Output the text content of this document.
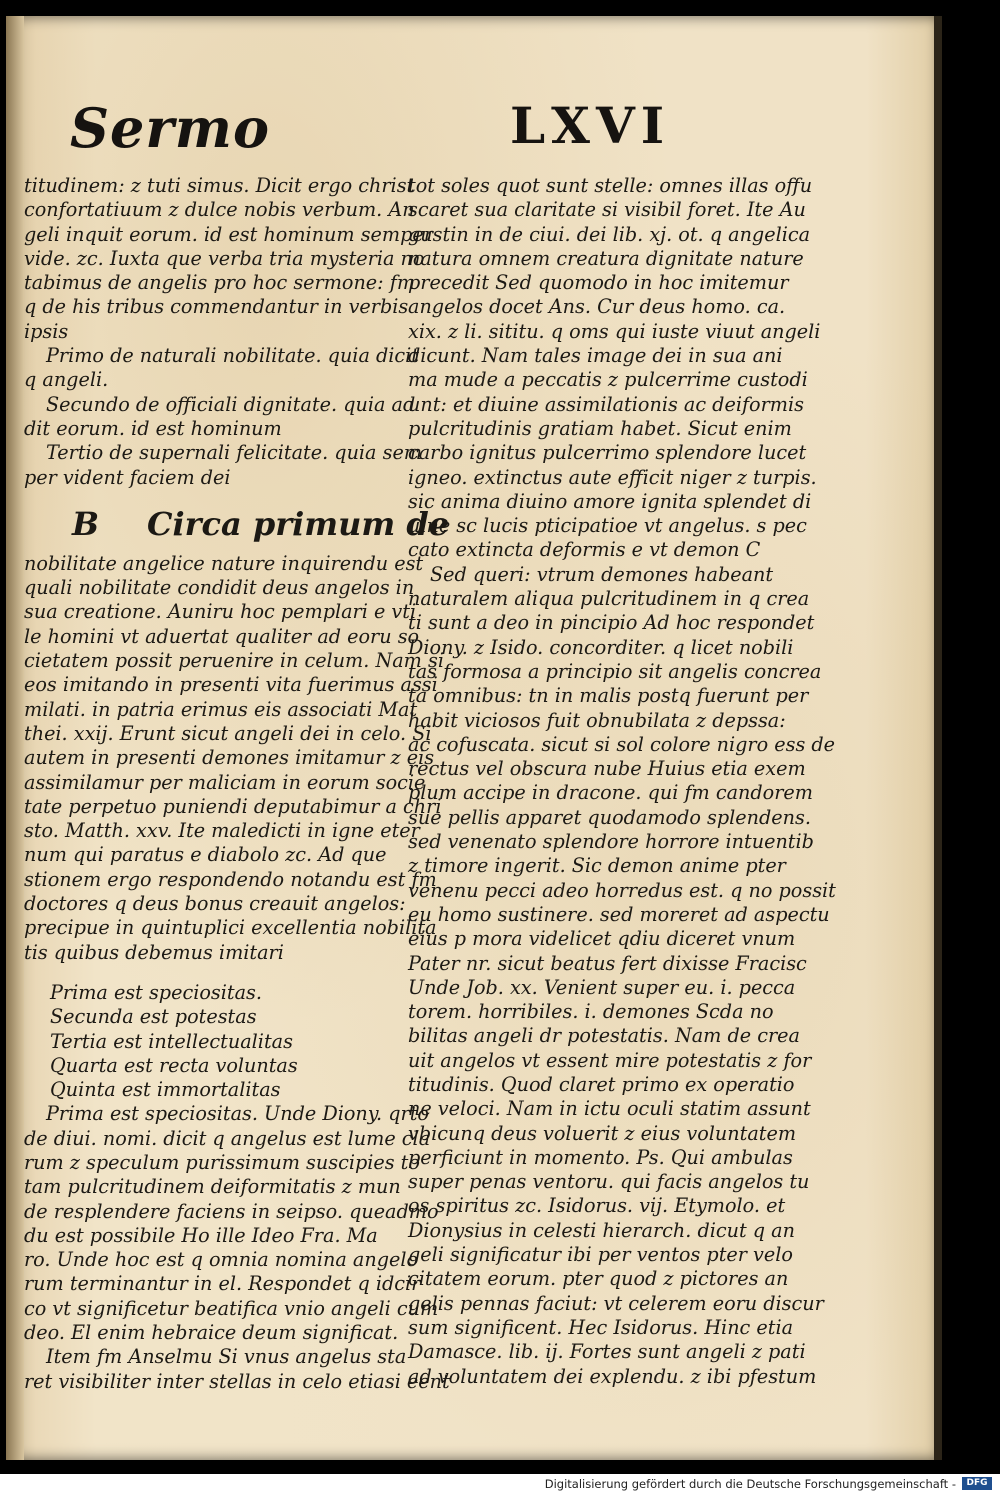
Sermo	LXVI
titudinem: z tuti simus. Dicit ergo christ
confortatiuum z dulce nobis verbum. An
geli inquit eorum. id est hominum semper
vide. zc. Iuxta que verba tria mysteria no
tabimus de angelis pro hoc sermone: fm
q de his tribus commendantur in verbis
ipsis
Primo de naturali nobilitate. quia dicit
q angeli.
Secundo de officiali dignitate. quia ad
dit eorum. id est hominum
Tertio de supernali felicitate. quia sem
per vident faciem dei
B Circa primum de
nobilitate angelice nature inquirendu est
quali nobilitate condidit deus angelos in
sua creatione. Auniru hoc pemplari e vti
le homini vt aduertat qualiter ad eoru so
cietatem possit peruenire in celum. Nam si
eos imitando in presenti vita fuerimus assi
milati. in patria erimus eis associati Mat
thei. xxij. Erunt sicut angeli dei in celo. Si
autem in presenti demones imitamur z eis
assimilamur per maliciam in eorum socie
tate perpetuo puniendi deputabimur a chri
sto. Matth. xxv. Ite maledicti in igne eter
num qui paratus e diabolo zc. Ad que
stionem ergo respondendo notandu est fm
doctores q deus bonus creauit angelos:
precipue in quintuplici excellentia nobilita
tis quibus debemus imitari
Prima est speciositas.
Secunda est potestas
Tertia est intellectualitas
Quarta est recta voluntas
Quinta est immortalitas
Prima est speciositas. Unde Diony. qrto
de diui. nomi. dicit q angelus est lume cla
rum z speculum purissimum suscipies to
tam pulcritudinem deiformitatis z mun
de resplendere faciens in seipso. queadmo
du est possibile Ho ille Ideo Fra. Ma
ro. Unde hoc est q omnia nomina angelo
rum terminantur in el. Respondet q idcir
co vt significetur beatifica vnio angeli cum
deo. El enim hebraice deum significat.
Item fm Anselmu Si vnus angelus sta
ret visibiliter inter stellas in celo etiasi eent
tot soles quot sunt stelle: omnes illas offu
scaret sua claritate si visibil foret. Ite Au
gustin in de ciui. dei lib. xj. ot. q angelica
natura omnem creatura dignitate nature
precedit Sed quomodo in hoc imitemur
angelos docet Ans. Cur deus homo. ca.
xix. z li. sititu. q oms qui iuste viuut angeli
dicunt. Nam tales image dei in sua ani
ma mude a peccatis z pulcerrime custodi
unt: et diuine assimilationis ac deiformis
pulcritudinis gratiam habet. Sicut enim
carbo ignitus pulcerrimo splendore lucet
igneo. extinctus aute efficit niger z turpis.
sic anima diuino amore ignita splendet di
uine sc lucis pticipatioe vt angelus. s pec
cato extincta deformis e vt demon C
Sed queri: vtrum demones habeant
naturalem aliqua pulcritudinem in q crea
ti sunt a deo in pincipio Ad hoc respondet
Diony. z Isido. concorditer. q licet nobili
tas formosa a principio sit angelis concrea
ta omnibus: tn in malis postq fuerunt per
habit viciosos fuit obnubilata z depssa:
ac cofuscata. sicut si sol colore nigro ess de
rectus vel obscura nube Huius etia exem
plum accipe in dracone. qui fm candorem
sue pellis apparet quodamodo splendens.
sed venenato splendore horrore intuentib
z timore ingerit. Sic demon anime pter
venenu pecci adeo horredus est. q no possit
eu homo sustinere. sed moreret ad aspectu
eius p mora videlicet qdiu diceret vnum
Pater nr. sicut beatus fert dixisse Fracisc
Unde Job. xx. Venient super eu. i. pecca
torem. horribiles. i. demones Scda no
bilitas angeli dr potestatis. Nam de crea
uit angelos vt essent mire potestatis z for
titudinis. Quod claret primo ex operatio
ne veloci. Nam in ictu oculi statim assunt
vbicunq deus voluerit z eius voluntatem
perficiunt in momento. Ps. Qui ambulas
super penas ventoru. qui facis angelos tu
os spiritus zc. Isidorus. vij. Etymolo. et
Dionysius in celesti hierarch. dicut q an
geli significatur ibi per ventos pter velo
citatem eorum. pter quod z pictores an
gelis pennas faciut: vt celerem eoru discur
sum significent. Hec Isidorus. Hinc etia
Damasce. lib. ij. Fortes sunt angeli z pati
ad voluntatem dei explendu. z ibi pfestum
Digitalisierung gefördert durch die Deutsche Forschungsgemeinschaft -	DFG
